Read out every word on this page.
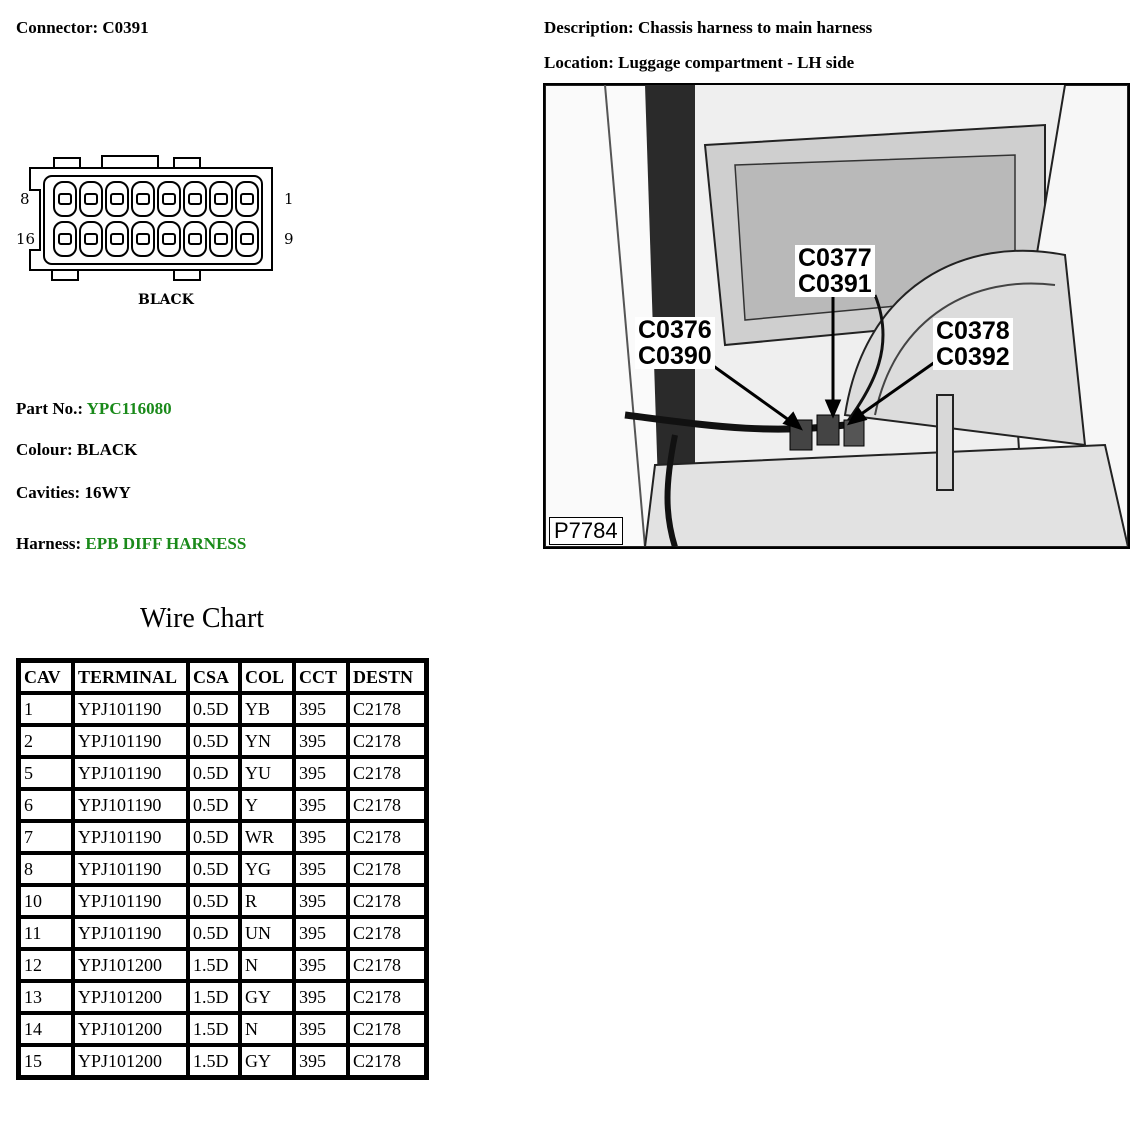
Connector: C0391	Description: Chassis harness to main harness
Location: Luggage compartment - LH side
8	1
16	9
BLACK
Part No.: YPC116080
Colour: BLACK
Cavities: 16WY
Harness: EPB DIFF HARNESS
C0377
C0391
C0376
C0390
C0378
C0392
P7784
Wire Chart
CAV	TERMINAL	CSA	COL	CCT	DESTN
1	YPJ101190	0.5D	YB	395	C2178
2	YPJ101190	0.5D	YN	395	C2178
5	YPJ101190	0.5D	YU	395	C2178
6	YPJ101190	0.5D	Y	395	C2178
7	YPJ101190	0.5D	WR	395	C2178
8	YPJ101190	0.5D	YG	395	C2178
10	YPJ101190	0.5D	R	395	C2178
11	YPJ101190	0.5D	UN	395	C2178
12	YPJ101200	1.5D	N	395	C2178
13	YPJ101200	1.5D	GY	395	C2178
14	YPJ101200	1.5D	N	395	C2178
15	YPJ101200	1.5D	GY	395	C2178
